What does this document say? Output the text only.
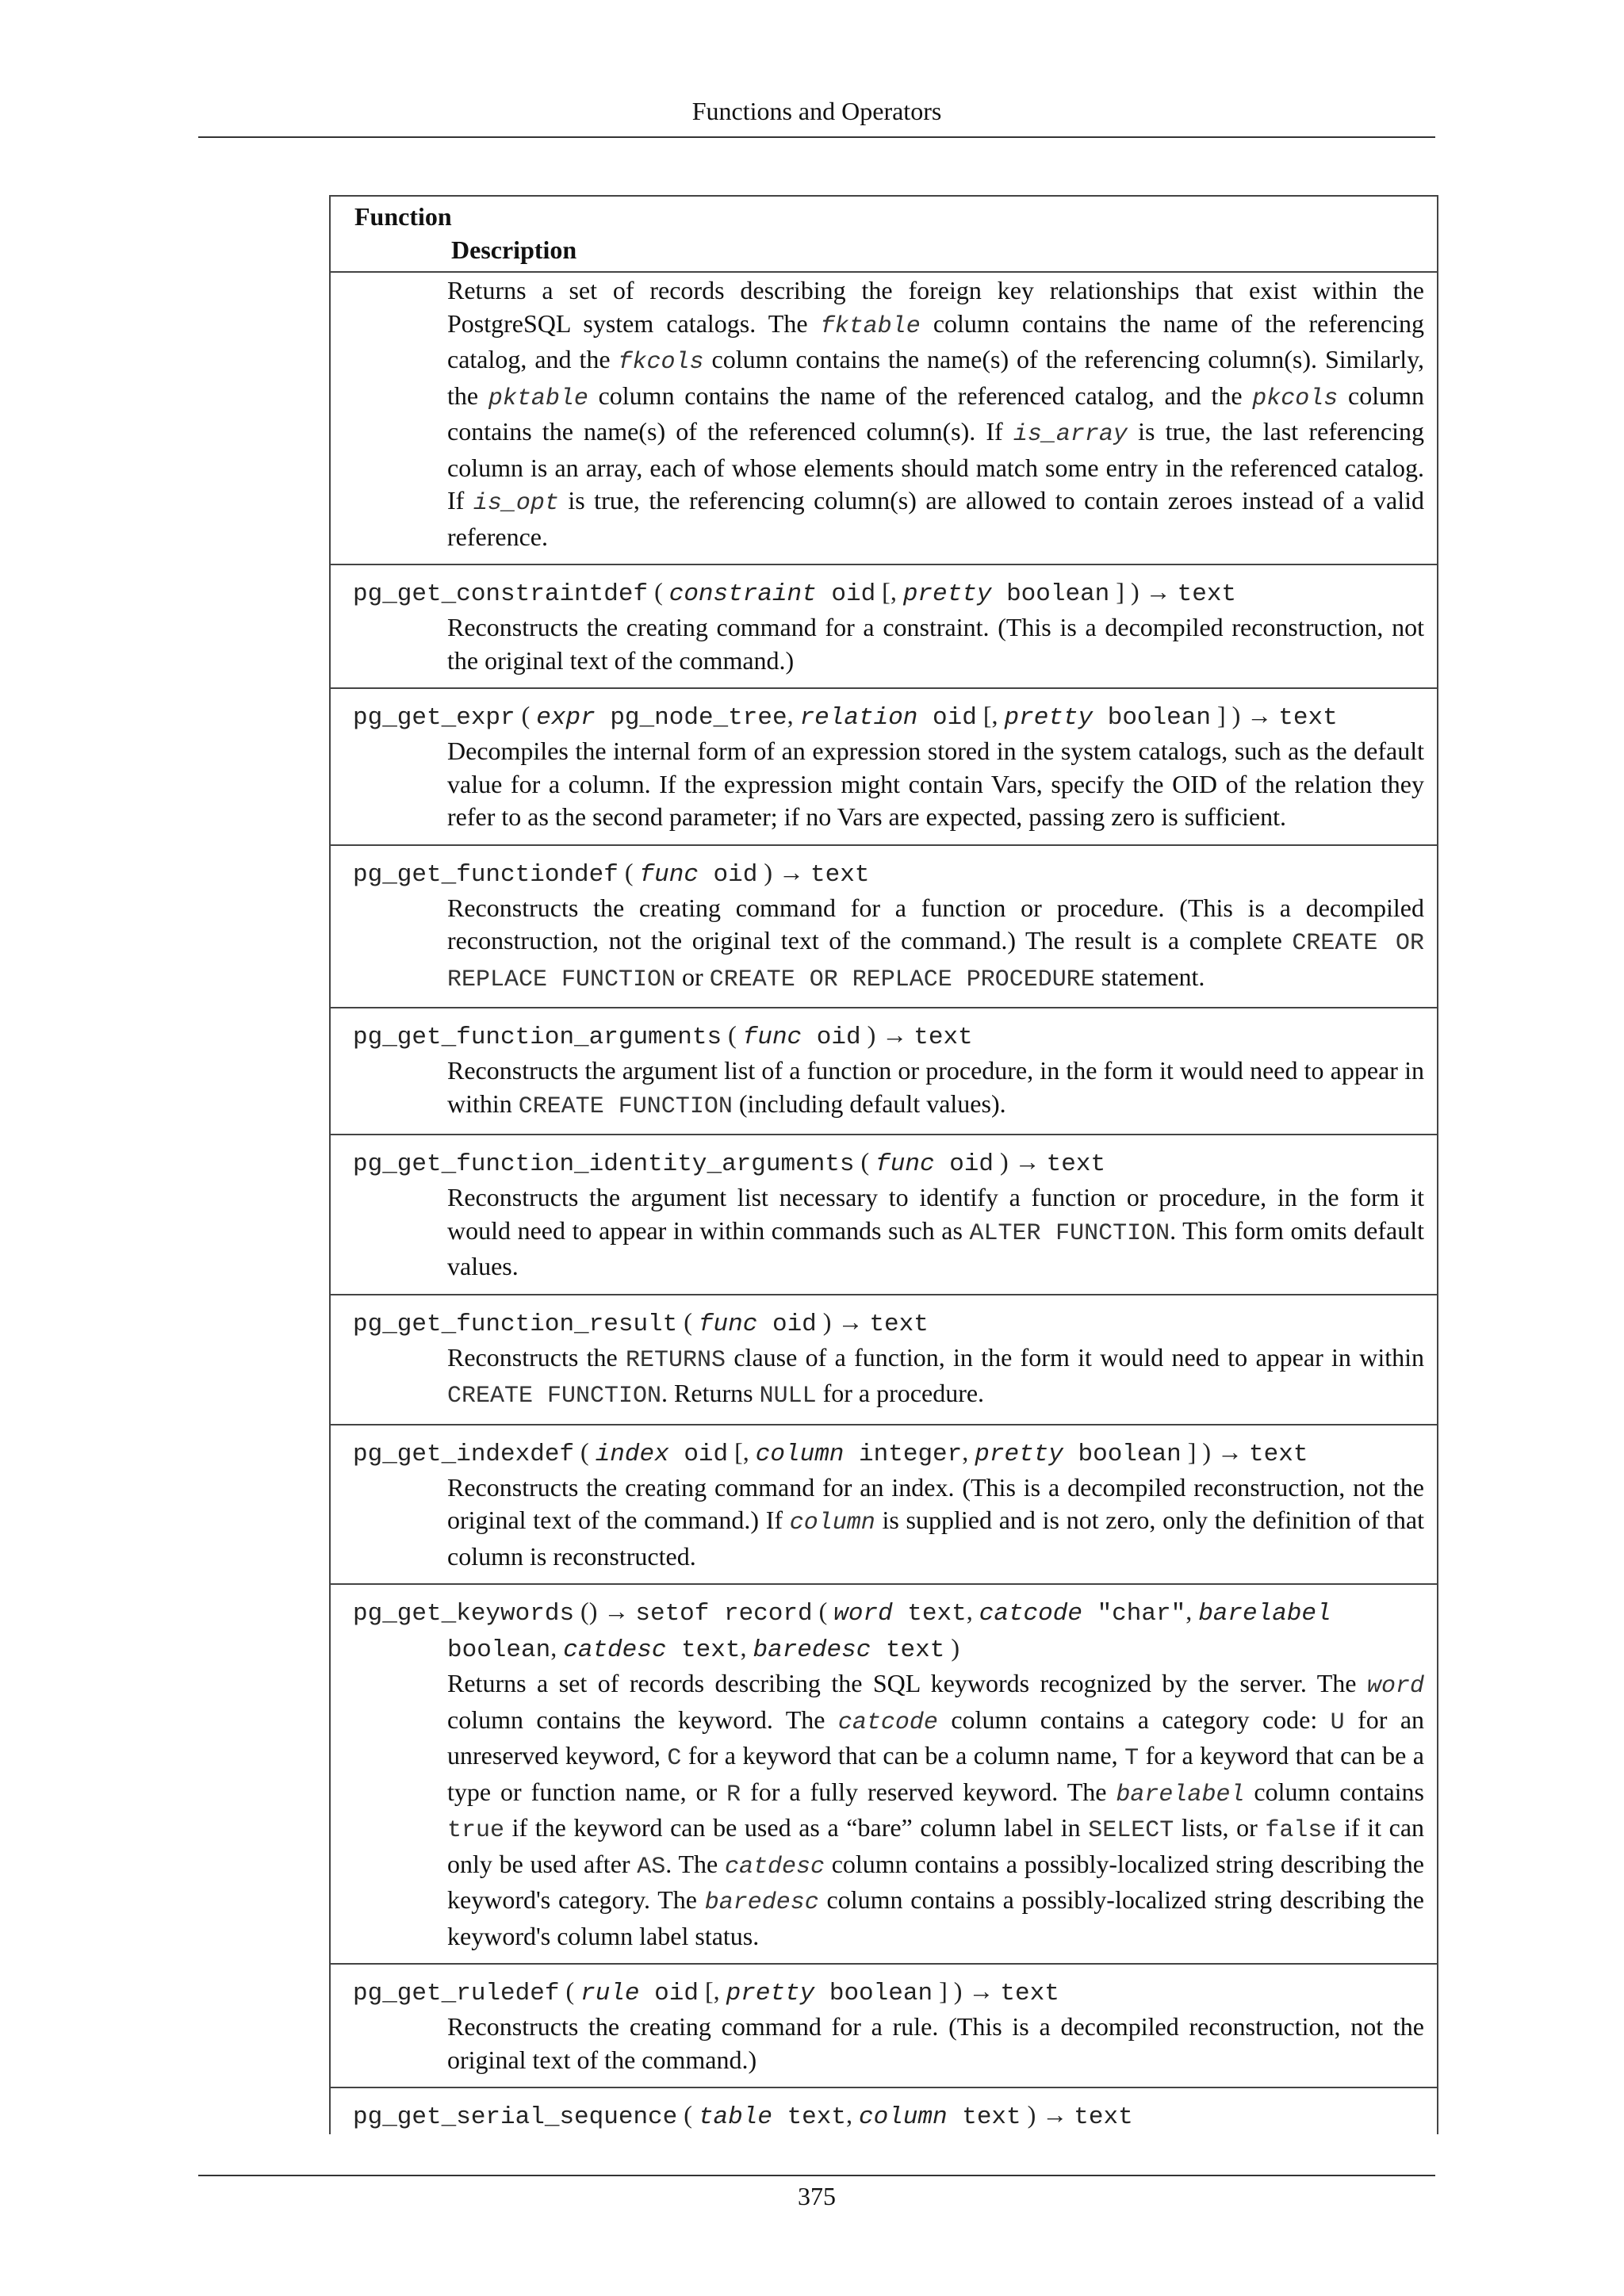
Functions and Operators
Function
Description
Returns a set of records describing the foreign key relationships that exist within the PostgreSQL system catalogs. The fktable column contains the name of the referencing catalog, and the fkcols column contains the name(s) of the referencing column(s). Similarly, the pktable column contains the name of the referenced catalog, and the pkcols column contains the name(s) of the referenced column(s). If is_array is true, the last referencing column is an array, each of whose elements should match some entry in the referenced catalog. If is_opt is true, the referencing column(s) are allowed to contain zeroes instead of a valid reference.
pg_get_constraintdef ( constraint oid [, pretty boolean ] ) → text
Reconstructs the creating command for a constraint. (This is a decompiled reconstruction, not the original text of the command.)
pg_get_expr ( expr pg_node_tree, relation oid [, pretty boolean ] ) → text
Decompiles the internal form of an expression stored in the system catalogs, such as the default value for a column. If the expression might contain Vars, specify the OID of the relation they refer to as the second parameter; if no Vars are expected, passing zero is sufficient.
pg_get_functiondef ( func oid ) → text
Reconstructs the creating command for a function or procedure. (This is a decompiled reconstruction, not the original text of the command.) The result is a complete CREATE OR REPLACE FUNCTION or CREATE OR REPLACE PROCEDURE statement.
pg_get_function_arguments ( func oid ) → text
Reconstructs the argument list of a function or procedure, in the form it would need to appear in within CREATE FUNCTION (including default values).
pg_get_function_identity_arguments ( func oid ) → text
Reconstructs the argument list necessary to identify a function or procedure, in the form it would need to appear in within commands such as ALTER FUNCTION. This form omits default values.
pg_get_function_result ( func oid ) → text
Reconstructs the RETURNS clause of a function, in the form it would need to appear in within CREATE FUNCTION. Returns NULL for a procedure.
pg_get_indexdef ( index oid [, column integer, pretty boolean ] ) → text
Reconstructs the creating command for an index. (This is a decompiled reconstruction, not the original text of the command.) If column is supplied and is not zero, only the definition of that column is reconstructed.
pg_get_keywords () → setof record ( word text, catcode "char", barelabel
boolean, catdesc text, baredesc text )
Returns a set of records describing the SQL keywords recognized by the server. The word column contains the keyword. The catcode column contains a category code: U for an unreserved keyword, C for a keyword that can be a column name, T for a keyword that can be a type or function name, or R for a fully reserved keyword. The barelabel column contains true if the keyword can be used as a “bare” column label in SELECT lists, or false if it can only be used after AS. The catdesc column contains a possibly-localized string describing the keyword's category. The baredesc column contains a possibly-localized string describing the keyword's column label status.
pg_get_ruledef ( rule oid [, pretty boolean ] ) → text
Reconstructs the creating command for a rule. (This is a decompiled reconstruction, not the original text of the command.)
pg_get_serial_sequence ( table text, column text ) → text
375
